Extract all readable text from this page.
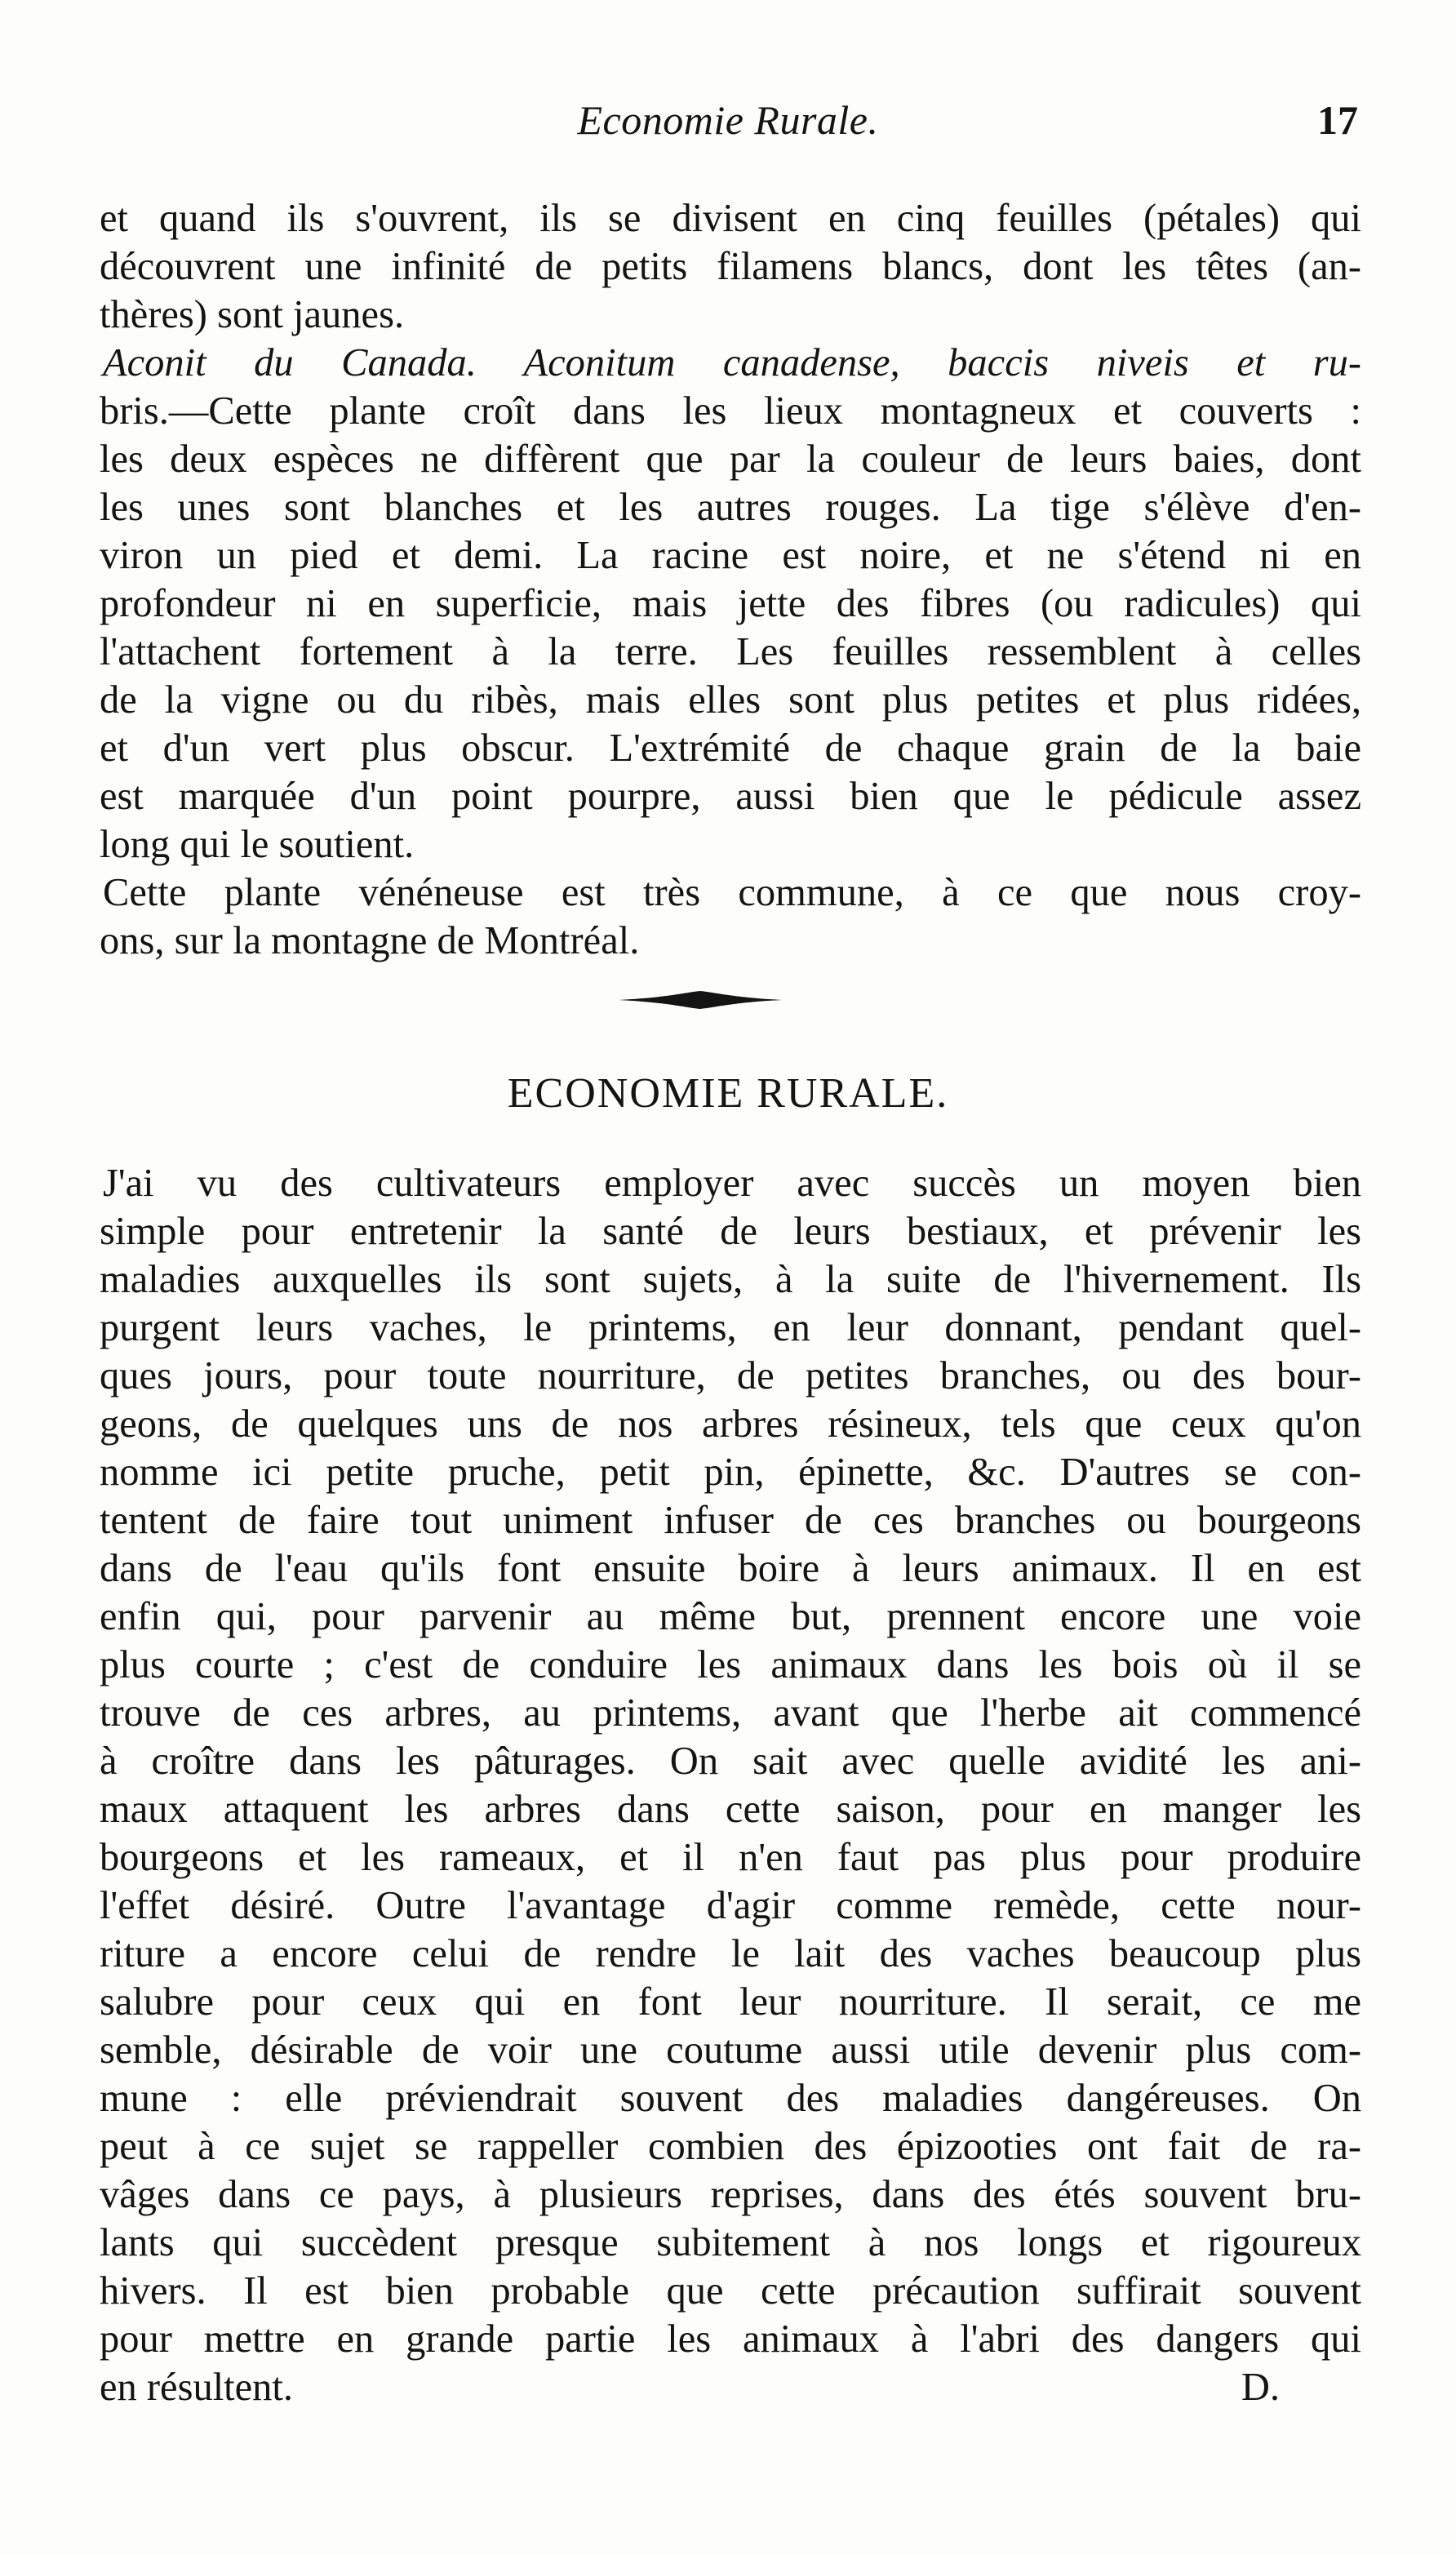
Economie Rurale.	17
et quand ils s'ouvrent, ils se divisent en cinq feuilles (pétales) qui
découvrent une infinité de petits filamens blancs, dont les têtes (an-
thères) sont jaunes.
Aconit du Canada. Aconitum canadense, baccis niveis et ru-
bris.—Cette plante croît dans les lieux montagneux et couverts :
les deux espèces ne diffèrent que par la couleur de leurs baies, dont
les unes sont blanches et les autres rouges. La tige s'élève d'en-
viron un pied et demi. La racine est noire, et ne s'étend ni en
profondeur ni en superficie, mais jette des fibres (ou radicules) qui
l'attachent fortement à la terre. Les feuilles ressemblent à celles
de la vigne ou du ribès, mais elles sont plus petites et plus ridées,
et d'un vert plus obscur. L'extrémité de chaque grain de la baie
est marquée d'un point pourpre, aussi bien que le pédicule assez
long qui le soutient.
Cette plante vénéneuse est très commune, à ce que nous croy-
ons, sur la montagne de Montréal.
ECONOMIE RURALE.
J'ai vu des cultivateurs employer avec succès un moyen bien
simple pour entretenir la santé de leurs bestiaux, et prévenir les
maladies auxquelles ils sont sujets, à la suite de l'hivernement. Ils
purgent leurs vaches, le printems, en leur donnant, pendant quel-
ques jours, pour toute nourriture, de petites branches, ou des bour-
geons, de quelques uns de nos arbres résineux, tels que ceux qu'on
nomme ici petite pruche, petit pin, épinette, &c. D'autres se con-
tentent de faire tout uniment infuser de ces branches ou bourgeons
dans de l'eau qu'ils font ensuite boire à leurs animaux. Il en est
enfin qui, pour parvenir au même but, prennent encore une voie
plus courte ; c'est de conduire les animaux dans les bois où il se
trouve de ces arbres, au printems, avant que l'herbe ait commencé
à croître dans les pâturages. On sait avec quelle avidité les ani-
maux attaquent les arbres dans cette saison, pour en manger les
bourgeons et les rameaux, et il n'en faut pas plus pour produire
l'effet désiré. Outre l'avantage d'agir comme remède, cette nour-
riture a encore celui de rendre le lait des vaches beaucoup plus
salubre pour ceux qui en font leur nourriture. Il serait, ce me
semble, désirable de voir une coutume aussi utile devenir plus com-
mune : elle préviendrait souvent des maladies dangéreuses. On
peut à ce sujet se rappeller combien des épizooties ont fait de ra-
vâges dans ce pays, à plusieurs reprises, dans des étés souvent bru-
lants qui succèdent presque subitement à nos longs et rigoureux
hivers. Il est bien probable que cette précaution suffirait souvent
pour mettre en grande partie les animaux à l'abri des dangers qui
en résultent.	D.
